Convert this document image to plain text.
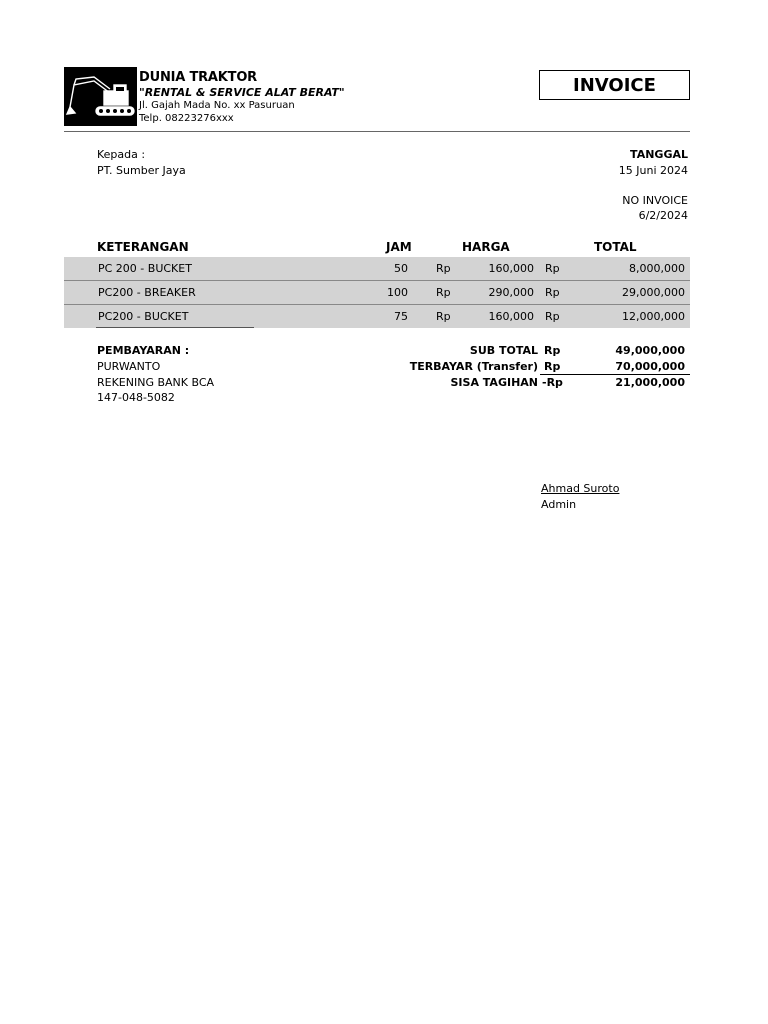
DUNIA TRAKTOR
"RENTAL & SERVICE ALAT BERAT"
Jl. Gajah Mada No. xx Pasuruan
Telp. 08223276xxx
INVOICE
Kepada :
PT. Sumber Jaya
TANGGAL
15 Juni 2024
NO INVOICE
6/2/2024
KETERANGAN	JAM	HARGA	TOTAL
PC 200 - BUCKET	50	Rp	160,000 Rp	8,000,000
PC200 - BREAKER	100	Rp	290,000 Rp	29,000,000
PC200 - BUCKET	75	Rp	160,000 Rp	12,000,000
PEMBAYARAN :
PURWANTO
REKENING BANK BCA
147-048-5082
SUB TOTAL Rp	49,000,000
TERBAYAR (Transfer) Rp	70,000,000
SISA TAGIHAN -Rp	21,000,000
Ahmad Suroto
Admin
